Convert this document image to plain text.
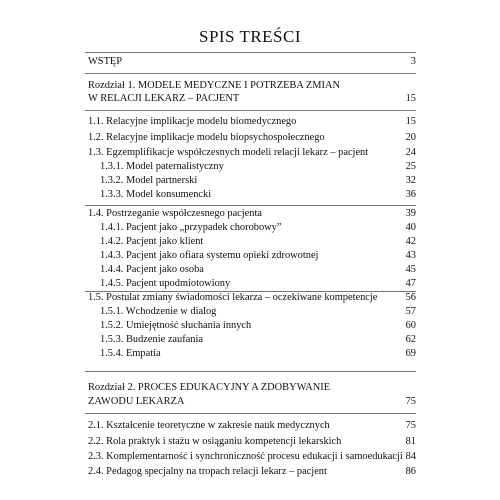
SPIS TREŚCI
WSTĘP	3
Rozdział 1. MODELE MEDYCZNE I POTRZEBA ZMIAN
W RELACJI LEKARZ – PACJENT	15
1.1. Relacyjne implikacje modelu biomedycznego	15
1.2. Relacyjne implikacje modelu biopsychospołecznego	20
1.3. Egzemplifikacje współczesnych modeli relacji lekarz – pacjent	24
1.3.1. Model paternalistyczny	25
1.3.2. Model partnerski	32
1.3.3. Model konsumencki	36
1.4. Postrzeganie współczesnego pacjenta	39
1.4.1. Pacjent jako „przypadek chorobowy”	40
1.4.2. Pacjent jako klient	42
1.4.3. Pacjent jako ofiara systemu opieki zdrowotnej	43
1.4.4. Pacjent jako osoba	45
1.4.5. Pacjent upodmiotowiony	47
1.5. Postulat zmiany świadomości lekarza – oczekiwane kompetencje	56
1.5.1. Wchodzenie w dialog	57
1.5.2. Umiejętność słuchania innych	60
1.5.3. Budzenie zaufania	62
1.5.4. Empatia	69
Rozdział 2. PROCES EDUKACYJNY A ZDOBYWANIE
ZAWODU LEKARZA	75
2.1. Kształcenie teoretyczne w zakresie nauk medycznych	75
2.2. Rola praktyk i stażu w osiąganiu kompetencji lekarskich	81
2.3. Komplementarność i synchroniczność procesu edukacji i samoedukacji 84
2.4. Pedagog specjalny na tropach relacji lekarz – pacjent	86
